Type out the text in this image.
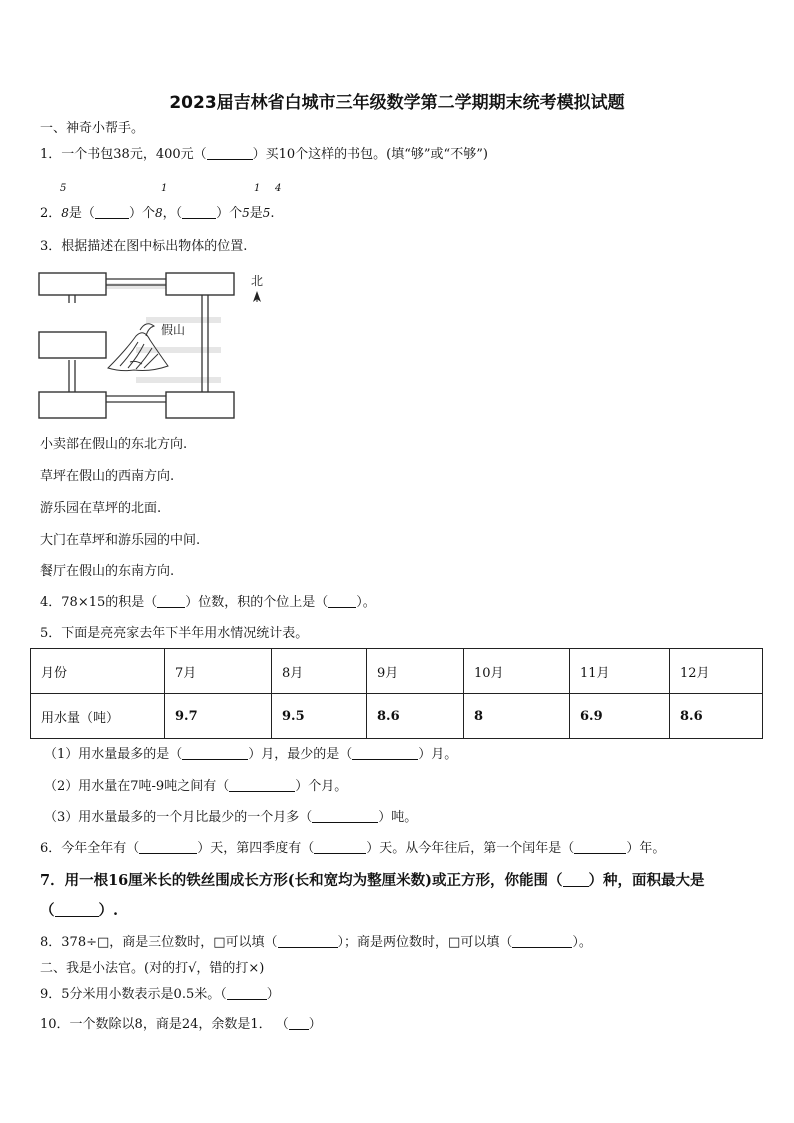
2023届吉林省白城市三年级数学第二学期期末统考模拟试题
一、神奇小帮手。
1．一个书包38元，400元（	）买10个这样的书包。(填“够”或“不够”)
5	1	1 4
2．8是（	）个8，（	）个5是5.
3．根据描述在图中标出物体的位置.
假山
北
小卖部在假山的东北方向.
草坪在假山的西南方向.
游乐园在草坪的北面.
大门在草坪和游乐园的中间.
餐厅在假山的东南方向.
4．78×15的积是（ ）位数，积的个位上是（ ）。
5．下面是亮亮家去年下半年用水情况统计表。
月份	7月	8月	9月	10月	11月	12月
用水量（吨）	9.7	9.5	8.6	8	6.9	8.6
（1）用水量最多的是（	）月，最少的是（	）月。
（2）用水量在7吨-9吨之间有（	）个月。
（3）用水量最多的一个月比最少的一个月多（	）吨。
6．今年全年有（	）天，第四季度有（	）天。从今年往后，第一个闰年是（	）年。
7．用一根16厘米长的铁丝围成长方形(长和宽均为整厘米数)或正方形，你能围（ ）种，面积最大是
（	）.
8．378÷□，商是三位数时，□可以填（	）；商是两位数时，□可以填（	）。
二、我是小法官。(对的打√，错的打×)
9．5分米用小数表示是0.5米。（	）
10．一个数除以8，商是24，余数是1． （ ）
